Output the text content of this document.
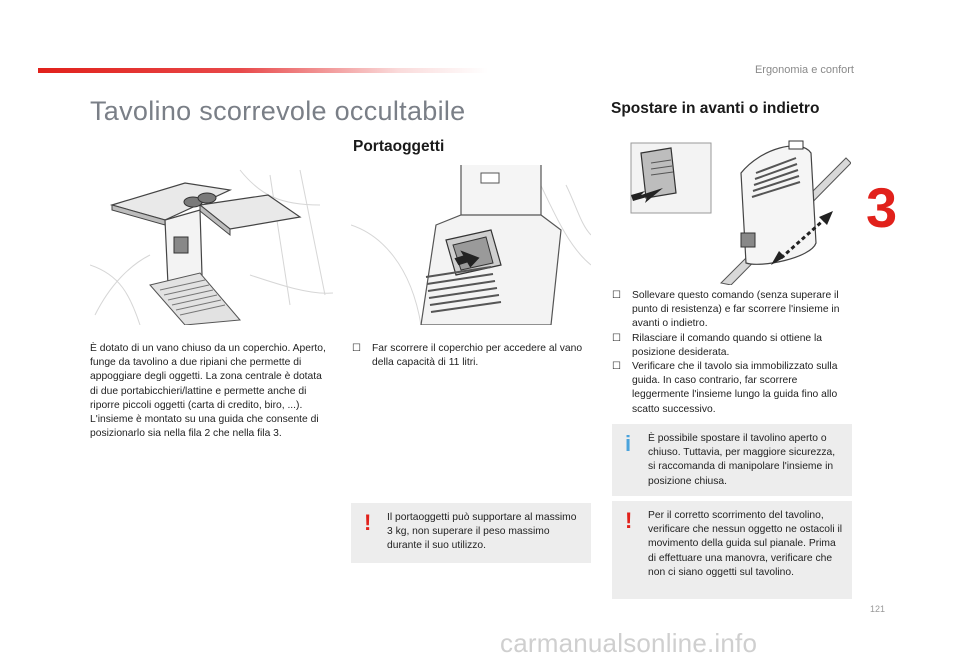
Ergonomia e confort
3
Tavolino scorrevole occultabile
Portaoggetti
Spostare in avanti o indietro
È dotato di un vano chiuso da un coperchio. Aperto, funge da tavolino a due ripiani che permette di appoggiare degli oggetti. La zona centrale è dotata di due portabicchieri/lattine e permette anche di riporre piccoli oggetti (carta di credito, biro, ...). L'insieme è montato su una guida che consente di posizionarlo sia nella fila 2 che nella fila 3.
☐ Far scorrere il coperchio per accedere al vano della capacità di 11 litri.
! Il portaoggetti può supportare al massimo 3 kg, non superare il peso massimo durante il suo utilizzo.
☐ Sollevare questo comando (senza superare il punto di resistenza) e far scorrere l'insieme in avanti o indietro.
☐ Rilasciare il comando quando si ottiene la posizione desiderata.
☐ Verificare che il tavolo sia immobilizzato sulla guida. In caso contrario, far scorrere leggermente l'insieme lungo la guida fino allo scatto successivo.
i È possibile spostare il tavolino aperto o chiuso. Tuttavia, per maggiore sicurezza, si raccomanda di manipolare l'insieme in posizione chiusa.
! Per il corretto scorrimento del tavolino, verificare che nessun oggetto ne ostacoli il movimento della guida sul pianale. Prima di effettuare una manovra, verificare che non ci siano oggetti sul tavolino.
121
carmanualsonline.info
